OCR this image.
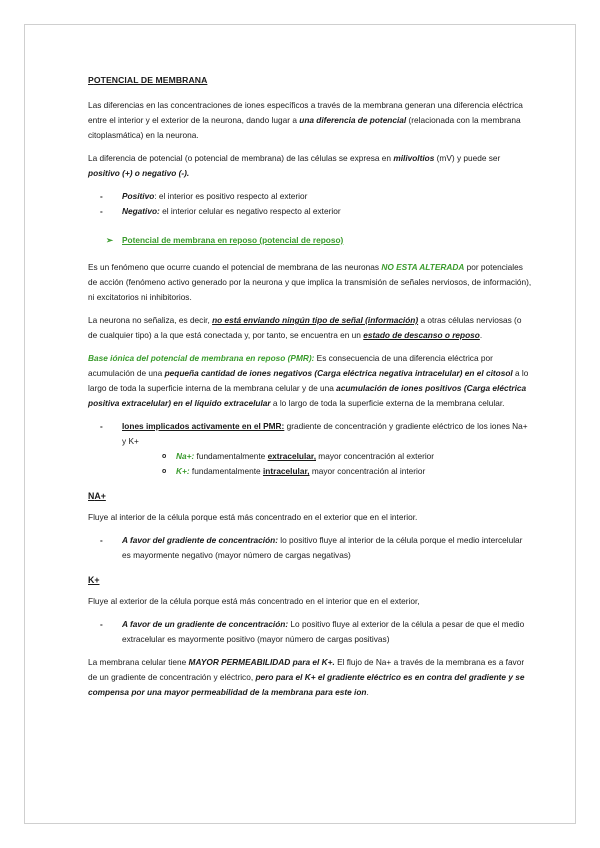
POTENCIAL DE MEMBRANA

Las diferencias en las concentraciones de iones específicos a través de la membrana generan una diferencia eléctrica entre el interior y el exterior de la neurona, dando lugar a una diferencia de potencial (relacionada con la membrana citoplasmática) en la neurona.

La diferencia de potencial (o potencial de membrana) de las células se expresa en milivoltios (mV) y puede ser positivo (+) o negativo (-).

- Positivo: el interior es positivo respecto al exterior
- Negativo: el interior celular es negativo respecto al exterior
➢ Potencial de membrana en reposo (potencial de reposo)

Es un fenómeno que ocurre cuando el potencial de membrana de las neuronas NO ESTA ALTERADA por potenciales de acción (fenómeno activo generado por la neurona y que implica la transmisión de señales nerviosos, de información), ni excitatorios ni inhibitorios.

La neurona no señaliza, es decir, no está enviando ningún tipo de señal (información) a otras células nerviosas (o de cualquier tipo) a la que está conectada y, por tanto, se encuentra en un estado de descanso o reposo.

Base iónica del potencial de membrana en reposo (PMR): Es consecuencia de una diferencia eléctrica por acumulación de una pequeña cantidad de iones negativos (Carga eléctrica negativa intracelular) en el citosol a lo largo de toda la superficie interna de la membrana celular y de una acumulación de iones positivos (Carga eléctrica positiva extracelular) en el líquido extracelular a lo largo de toda la superficie externa de la membrana celular.

- Iones implicados activamente en el PMR: gradiente de concentración y gradiente eléctrico de los iones Na+ y K+
o Na+: fundamentalmente extracelular, mayor concentración al exterior
o K+: fundamentalmente intracelular, mayor concentración al interior
NA+

Fluye al interior de la célula porque está más concentrado en el exterior que en el interior.

- A favor del gradiente de concentración: lo positivo fluye al interior de la célula porque el medio intercelular es mayormente negativo (mayor número de cargas negativas)
K+

Fluye al exterior de la célula porque está más concentrado en el interior que en el exterior,

- A favor de un gradiente de concentración: Lo positivo fluye al exterior de la célula a pesar de que el medio extracelular es mayormente positivo (mayor número de cargas positivas)

La membrana celular tiene MAYOR PERMEABILIDAD para el K+. El flujo de Na+ a través de la membrana es a favor de un gradiente de concentración y eléctrico, pero para el K+ el gradiente eléctrico es en contra del gradiente y se compensa por una mayor permeabilidad de la membrana para este ion.
